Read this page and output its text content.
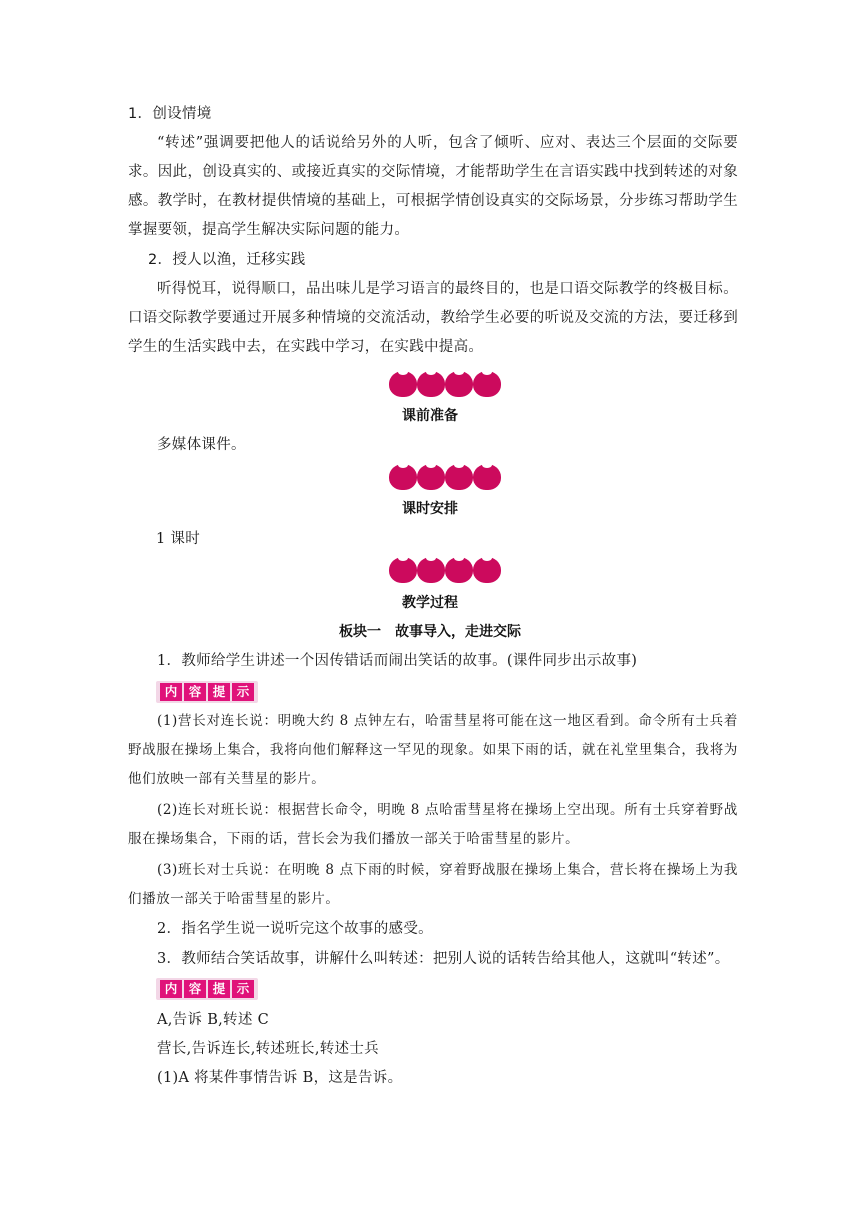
1．创设情境

“转述”强调要把他人的话说给另外的人听，包含了倾听、应对、表达三个层面的交际要求。因此，创设真实的、或接近真实的交际情境，才能帮助学生在言语实践中找到转述的对象感。教学时，在教材提供情境的基础上，可根据学情创设真实的交际场景，分步练习帮助学生掌握要领，提高学生解决实际问题的能力。

2．授人以渔，迁移实践

听得悦耳，说得顺口，品出味儿是学习语言的最终目的，也是口语交际教学的终极目标。口语交际教学要通过开展多种情境的交流活动，教给学生必要的听说及交流的方法，要迁移到学生的生活实践中去，在实践中学习，在实践中提高。

课前准备

多媒体课件。

课时安排

1 课时

教学过程
板块一　故事导入，走进交际

1．教师给学生讲述一个因传错话而闹出笑话的故事。(课件同步出示故事)

内 容 提 示

(1)营长对连长说：明晚大约 8 点钟左右，哈雷彗星将可能在这一地区看到。命令所有士兵着野战服在操场上集合，我将向他们解释这一罕见的现象。如果下雨的话，就在礼堂里集合，我将为他们放映一部有关彗星的影片。

(2)连长对班长说：根据营长命令，明晚 8 点哈雷彗星将在操场上空出现。所有士兵穿着野战服在操场集合，下雨的话，营长会为我们播放一部关于哈雷彗星的影片。

(3)班长对士兵说：在明晚 8 点下雨的时候，穿着野战服在操场上集合，营长将在操场上为我们播放一部关于哈雷彗星的影片。

2．指名学生说一说听完这个故事的感受。

3．教师结合笑话故事，讲解什么叫转述：把别人说的话转告给其他人，这就叫“转述”。

内 容 提 示

A,告诉 B,转述 C

营长,告诉连长,转述班长,转述士兵

(1)A 将某件事情告诉 B，这是告诉。
